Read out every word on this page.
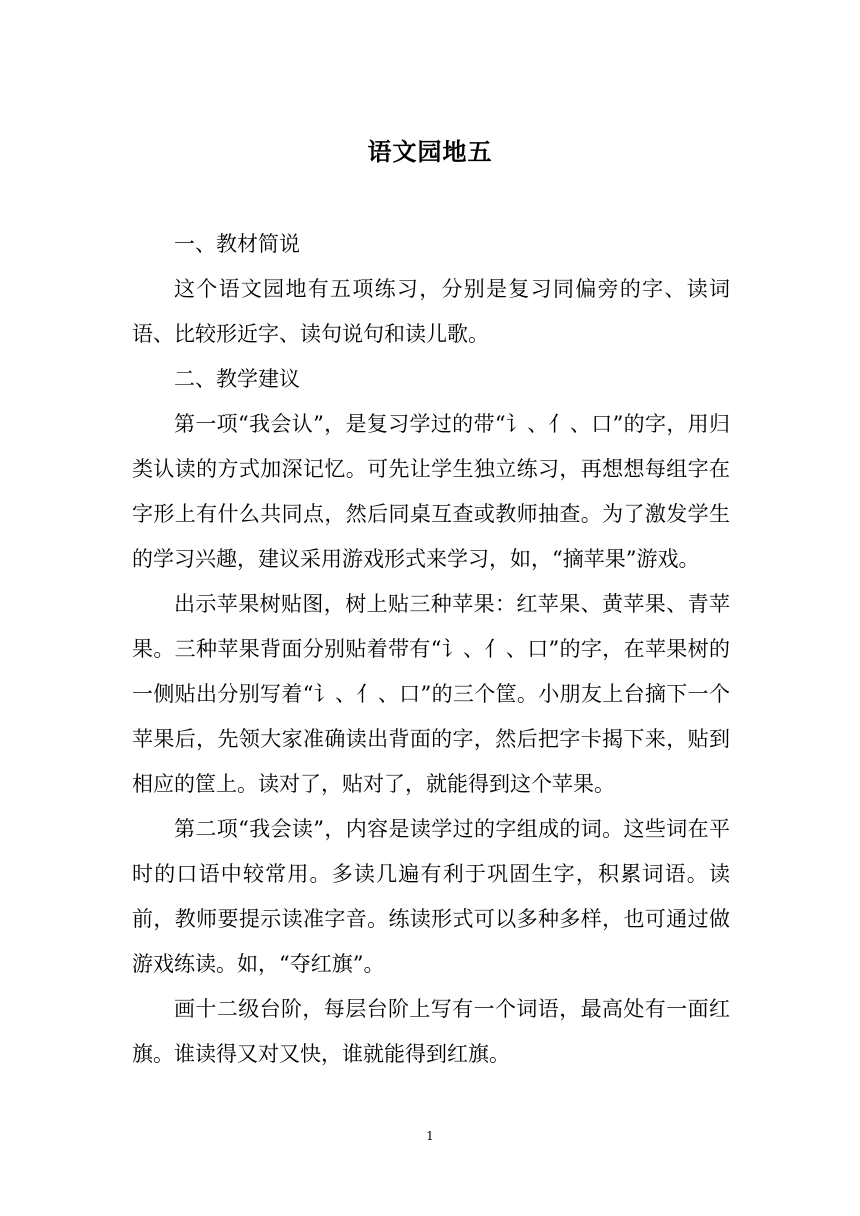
语文园地五

一、教材简说

这个语文园地有五项练习，分别是复习同偏旁的字、读词语、比较形近字、读句说句和读儿歌。

二、教学建议

第一项“我会认”，是复习学过的带“讠、亻、口”的字，用归类认读的方式加深记忆。可先让学生独立练习，再想想每组字在字形上有什么共同点，然后同桌互查或教师抽查。为了激发学生的学习兴趣，建议采用游戏形式来学习，如，“摘苹果”游戏。

出示苹果树贴图，树上贴三种苹果：红苹果、黄苹果、青苹果。三种苹果背面分别贴着带有“讠、亻、口”的字，在苹果树的一侧贴出分别写着“讠、亻、口”的三个筐。小朋友上台摘下一个苹果后，先领大家准确读出背面的字，然后把字卡揭下来，贴到相应的筐上。读对了，贴对了，就能得到这个苹果。

第二项“我会读”，内容是读学过的字组成的词。这些词在平时的口语中较常用。多读几遍有利于巩固生字，积累词语。读前，教师要提示读准字音。练读形式可以多种多样，也可通过做游戏练读。如，“夺红旗”。

画十二级台阶，每层台阶上写有一个词语，最高处有一面红旗。谁读得又对又快，谁就能得到红旗。

1
